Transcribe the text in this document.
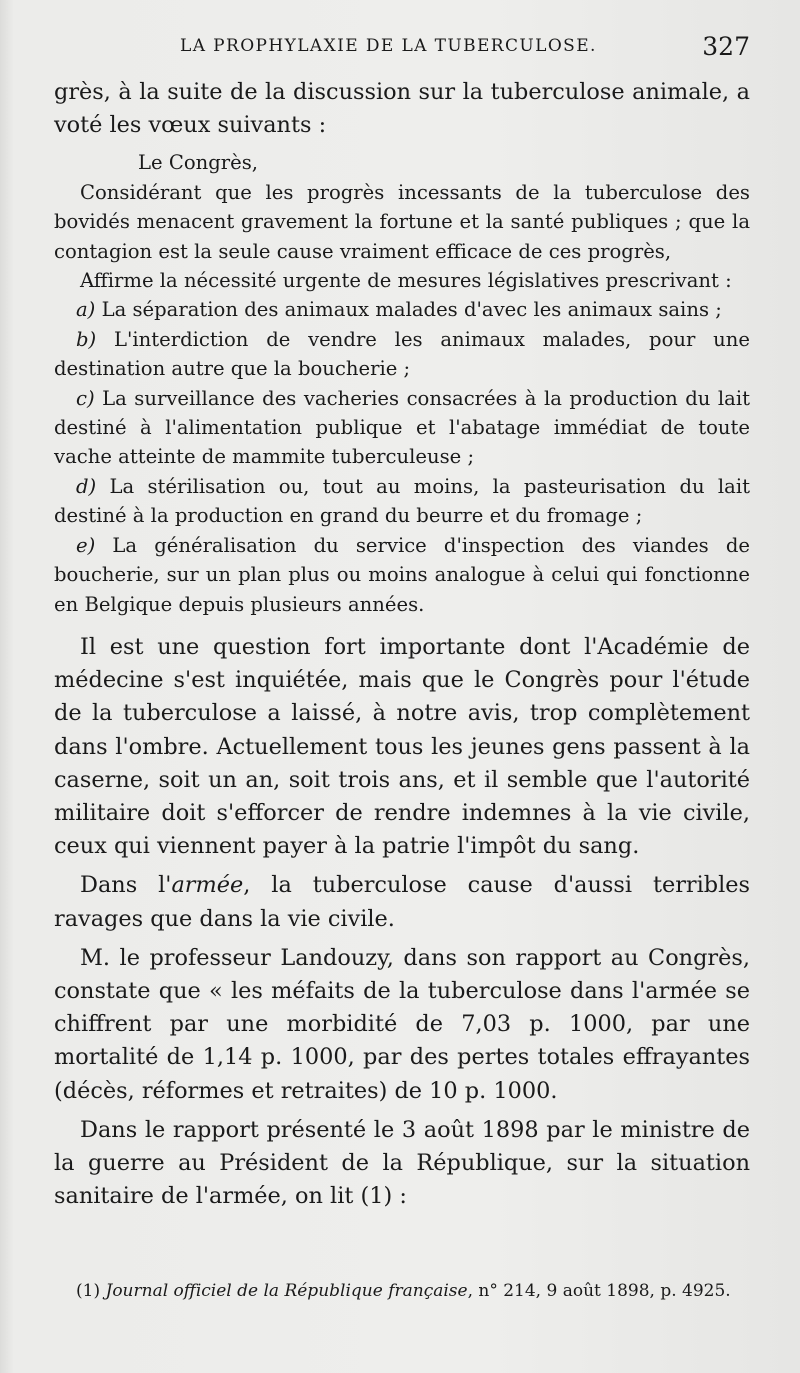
LA PROPHYLAXIE DE LA TUBERCULOSE.	327

grès, à la suite de la discussion sur la tuberculose animale, a voté les vœux suivants :

Le Congrès,

Considérant que les progrès incessants de la tuberculose des bovidés menacent gravement la fortune et la santé publiques ; que la contagion est la seule cause vraiment efficace de ces progrès,

Affirme la nécessité urgente de mesures législatives prescrivant :

a) La séparation des animaux malades d'avec les animaux sains ;

b) L'interdiction de vendre les animaux malades, pour une destination autre que la boucherie ;

c) La surveillance des vacheries consacrées à la production du lait destiné à l'alimentation publique et l'abatage immédiat de toute vache atteinte de mammite tuberculeuse ;

d) La stérilisation ou, tout au moins, la pasteurisation du lait destiné à la production en grand du beurre et du fromage ;

e) La généralisation du service d'inspection des viandes de boucherie, sur un plan plus ou moins analogue à celui qui fonctionne en Belgique depuis plusieurs années.

Il est une question fort importante dont l'Académie de médecine s'est inquiétée, mais que le Congrès pour l'étude de la tuberculose a laissé, à notre avis, trop complètement dans l'ombre. Actuellement tous les jeunes gens passent à la caserne, soit un an, soit trois ans, et il semble que l'autorité militaire doit s'efforcer de rendre indemnes à la vie civile, ceux qui viennent payer à la patrie l'impôt du sang.

Dans l'armée, la tuberculose cause d'aussi terribles ravages que dans la vie civile.

M. le professeur Landouzy, dans son rapport au Congrès, constate que « les méfaits de la tuberculose dans l'armée se chiffrent par une morbidité de 7,03 p. 1000, par une mortalité de 1,14 p. 1000, par des pertes totales effrayantes (décès, réformes et retraites) de 10 p. 1000.

Dans le rapport présenté le 3 août 1898 par le ministre de la guerre au Président de la République, sur la situation sanitaire de l'armée, on lit (1) :

(1) Journal officiel de la République française, n° 214, 9 août 1898, p. 4925.
